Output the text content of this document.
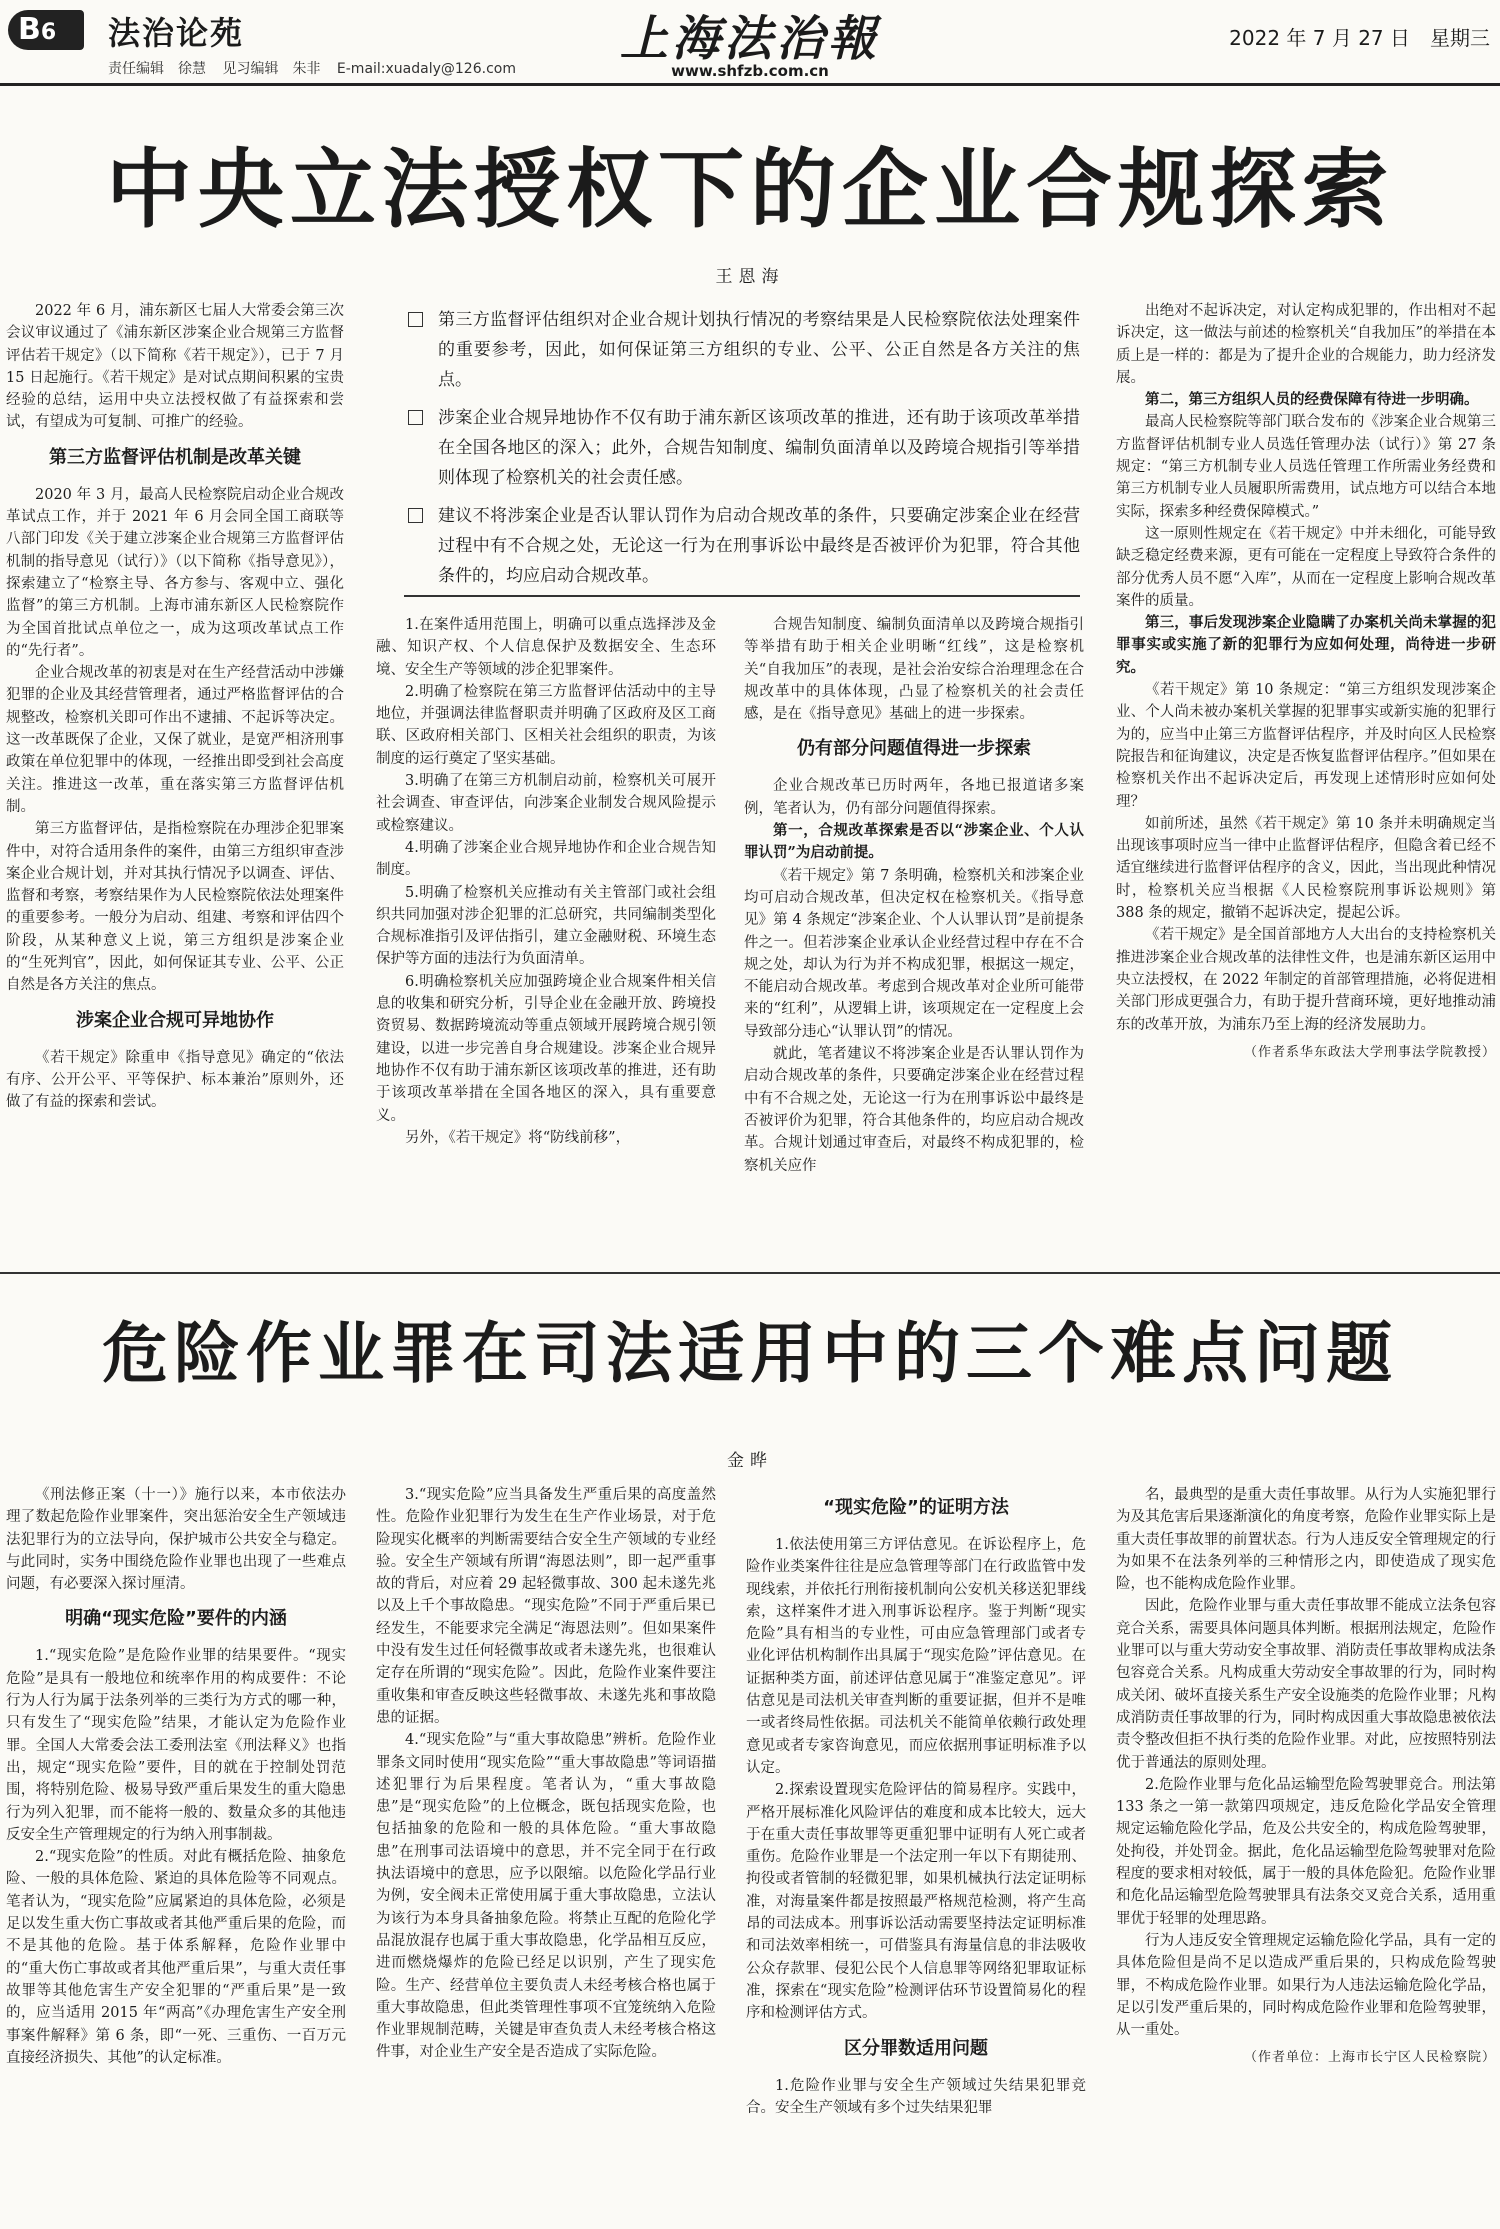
B6	法治论苑
责任编辑　徐慧 见习编辑　朱非 E-mail:xuadaly@126.com
上海法治報
www.shfzb.com.cn
2022 年 7 月 27 日　星期三
中央立法授权下的企业合规探索
王恩海

2022 年 6 月，浦东新区七届人大常委会第三次会议审议通过了《浦东新区涉案企业合规第三方监督评估若干规定》（以下简称《若干规定》），已于 7 月 15 日起施行。《若干规定》是对试点期间积累的宝贵经验的总结，运用中央立法授权做了有益探索和尝试，有望成为可复制、可推广的经验。

第三方监督评估机制是改革关键

2020 年 3 月，最高人民检察院启动企业合规改革试点工作，并于 2021 年 6 月会同全国工商联等八部门印发《关于建立涉案企业合规第三方监督评估机制的指导意见（试行）》（以下简称《指导意见》），探索建立了“检察主导、各方参与、客观中立、强化监督”的第三方机制。上海市浦东新区人民检察院作为全国首批试点单位之一，成为这项改革试点工作的“先行者”。

企业合规改革的初衷是对在生产经营活动中涉嫌犯罪的企业及其经营管理者，通过严格监督评估的合规整改，检察机关即可作出不逮捕、不起诉等决定。这一改革既保了企业，又保了就业，是宽严相济刑事政策在单位犯罪中的体现，一经推出即受到社会高度关注。推进这一改革，重在落实第三方监督评估机制。

第三方监督评估，是指检察院在办理涉企犯罪案件中，对符合适用条件的案件，由第三方组织审查涉案企业合规计划，并对其执行情况予以调查、评估、监督和考察，考察结果作为人民检察院依法处理案件的重要参考。一般分为启动、组建、考察和评估四个阶段，从某种意义上说，第三方组织是涉案企业的“生死判官”，因此，如何保证其专业、公平、公正自然是各方关注的焦点。

涉案企业合规可异地协作

《若干规定》除重申《指导意见》确定的“依法有序、公开公平、平等保护、标本兼治”原则外，还做了有益的探索和尝试。

第三方监督评估组织对企业合规计划执行情况的考察结果是人民检察院依法处理案件的重要参考，因此，如何保证第三方组织的专业、公平、公正自然是各方关注的焦点。
涉案企业合规异地协作不仅有助于浦东新区该项改革的推进，还有助于该项改革举措在全国各地区的深入；此外，合规告知制度、编制负面清单以及跨境合规指引等举措则体现了检察机关的社会责任感。
建议不将涉案企业是否认罪认罚作为启动合规改革的条件，只要确定涉案企业在经营过程中有不合规之处，无论这一行为在刑事诉讼中最终是否被评价为犯罪，符合其他条件的，均应启动合规改革。

1.在案件适用范围上，明确可以重点选择涉及金融、知识产权、个人信息保护及数据安全、生态环境、安全生产等领域的涉企犯罪案件。

2.明确了检察院在第三方监督评估活动中的主导地位，并强调法律监督职责并明确了区政府及区工商联、区政府相关部门、区相关社会组织的职责，为该制度的运行奠定了坚实基础。

3.明确了在第三方机制启动前，检察机关可展开社会调查、审查评估，向涉案企业制发合规风险提示或检察建议。

4.明确了涉案企业合规异地协作和企业合规告知制度。

5.明确了检察机关应推动有关主管部门或社会组织共同加强对涉企犯罪的汇总研究，共同编制类型化合规标准指引及评估指引，建立金融财税、环境生态保护等方面的违法行为负面清单。

6.明确检察机关应加强跨境企业合规案件相关信息的收集和研究分析，引导企业在金融开放、跨境投资贸易、数据跨境流动等重点领域开展跨境合规引领建设，以进一步完善自身合规建设。涉案企业合规异地协作不仅有助于浦东新区该项改革的推进，还有助于该项改革举措在全国各地区的深入，具有重要意义。

另外，《若干规定》将“防线前移”，

合规告知制度、编制负面清单以及跨境合规指引等举措有助于相关企业明晰“红线”，这是检察机关“自我加压”的表现，是社会治安综合治理理念在合规改革中的具体体现，凸显了检察机关的社会责任感，是在《指导意见》基础上的进一步探索。

仍有部分问题值得进一步探索

企业合规改革已历时两年，各地已报道诸多案例，笔者认为，仍有部分问题值得探索。

第一，合规改革探索是否以“涉案企业、个人认罪认罚”为启动前提。

《若干规定》第 7 条明确，检察机关和涉案企业均可启动合规改革，但决定权在检察机关。《指导意见》第 4 条规定“涉案企业、个人认罪认罚”是前提条件之一。但若涉案企业承认企业经营过程中存在不合规之处，却认为行为并不构成犯罪，根据这一规定，不能启动合规改革。考虑到合规改革对企业所可能带来的“红利”，从逻辑上讲，该项规定在一定程度上会导致部分违心“认罪认罚”的情况。

就此，笔者建议不将涉案企业是否认罪认罚作为启动合规改革的条件，只要确定涉案企业在经营过程中有不合规之处，无论这一行为在刑事诉讼中最终是否被评价为犯罪，符合其他条件的，均应启动合规改革。合规计划通过审查后，对最终不构成犯罪的，检察机关应作

出绝对不起诉决定，对认定构成犯罪的，作出相对不起诉决定，这一做法与前述的检察机关“自我加压”的举措在本质上是一样的：都是为了提升企业的合规能力，助力经济发展。

第二，第三方组织人员的经费保障有待进一步明确。

最高人民检察院等部门联合发布的《涉案企业合规第三方监督评估机制专业人员选任管理办法（试行）》第 27 条规定：“第三方机制专业人员选任管理工作所需业务经费和第三方机制专业人员履职所需费用，试点地方可以结合本地实际，探索多种经费保障模式。”

这一原则性规定在《若干规定》中并未细化，可能导致缺乏稳定经费来源，更有可能在一定程度上导致符合条件的部分优秀人员不愿“入库”，从而在一定程度上影响合规改革案件的质量。

第三，事后发现涉案企业隐瞒了办案机关尚未掌握的犯罪事实或实施了新的犯罪行为应如何处理，尚待进一步研究。

《若干规定》第 10 条规定：“第三方组织发现涉案企业、个人尚未被办案机关掌握的犯罪事实或新实施的犯罪行为的，应当中止第三方监督评估程序，并及时向区人民检察院报告和征询建议，决定是否恢复监督评估程序。”但如果在检察机关作出不起诉决定后，再发现上述情形时应如何处理？

如前所述，虽然《若干规定》第 10 条并未明确规定当出现该事项时应当一律中止监督评估程序，但隐含着已经不适宜继续进行监督评估程序的含义，因此，当出现此种情况时，检察机关应当根据《人民检察院刑事诉讼规则》第 388 条的规定，撤销不起诉决定，提起公诉。

《若干规定》是全国首部地方人大出台的支持检察机关推进涉案企业合规改革的法律性文件，也是浦东新区运用中央立法授权，在 2022 年制定的首部管理措施，必将促进相关部门形成更强合力，有助于提升营商环境，更好地推动浦东的改革开放，为浦东乃至上海的经济发展助力。

（作者系华东政法大学刑事法学院教授）

危险作业罪在司法适用中的三个难点问题
金晔

《刑法修正案（十一）》施行以来，本市依法办理了数起危险作业罪案件，突出惩治安全生产领域违法犯罪行为的立法导向，保护城市公共安全与稳定。与此同时，实务中围绕危险作业罪也出现了一些难点问题，有必要深入探讨厘清。

明确“现实危险”要件的内涵

1.“现实危险”是危险作业罪的结果要件。“现实危险”是具有一般地位和统率作用的构成要件：不论行为人行为属于法条列举的三类行为方式的哪一种，只有发生了“现实危险”结果，才能认定为危险作业罪。全国人大常委会法工委刑法室《刑法释义》也指出，规定“现实危险”要件，目的就在于控制处罚范围，将特别危险、极易导致严重后果发生的重大隐患行为列入犯罪，而不能将一般的、数量众多的其他违反安全生产管理规定的行为纳入刑事制裁。

2.“现实危险”的性质。对此有概括危险、抽象危险、一般的具体危险、紧迫的具体危险等不同观点。笔者认为，“现实危险”应属紧迫的具体危险，必须是足以发生重大伤亡事故或者其他严重后果的危险，而不是其他的危险。基于体系解释，危险作业罪中的“重大伤亡事故或者其他严重后果”，与重大责任事故罪等其他危害生产安全犯罪的“严重后果”是一致的，应当适用 2015 年“两高”《办理危害生产安全刑事案件解释》第 6 条，即“一死、三重伤、一百万元直接经济损失、其他”的认定标准。

3.“现实危险”应当具备发生严重后果的高度盖然性。危险作业犯罪行为发生在生产作业场景，对于危险现实化概率的判断需要结合安全生产领域的专业经验。安全生产领域有所谓“海恩法则”，即一起严重事故的背后，对应着 29 起轻微事故、300 起未遂先兆以及上千个事故隐患。“现实危险”不同于严重后果已经发生，不能要求完全满足“海恩法则”。但如果案件中没有发生过任何轻微事故或者未遂先兆，也很难认定存在所谓的“现实危险”。因此，危险作业案件要注重收集和审查反映这些轻微事故、未遂先兆和事故隐患的证据。

4.“现实危险”与“重大事故隐患”辨析。危险作业罪条文同时使用“现实危险”“重大事故隐患”等词语描述犯罪行为后果程度。笔者认为，“重大事故隐患”是“现实危险”的上位概念，既包括现实危险，也包括抽象的危险和一般的具体危险。“重大事故隐患”在刑事司法语境中的意思，并不完全同于在行政执法语境中的意思，应予以限缩。以危险化学品行业为例，安全阀未正常使用属于重大事故隐患，立法认为该行为本身具备抽象危险。将禁止互配的危险化学品混放混存也属于重大事故隐患，化学品相互反应，进而燃烧爆炸的危险已经足以识别，产生了现实危险。生产、经营单位主要负责人未经考核合格也属于重大事故隐患，但此类管理性事项不宜笼统纳入危险作业罪规制范畴，关键是审查负责人未经考核合格这件事，对企业生产安全是否造成了实际危险。

“现实危险”的证明方法

1.依法使用第三方评估意见。在诉讼程序上，危险作业类案件往往是应急管理等部门在行政监管中发现线索，并依托行刑衔接机制向公安机关移送犯罪线索，这样案件才进入刑事诉讼程序。鉴于判断“现实危险”具有相当的专业性，可由应急管理部门或者专业化评估机构制作出具属于“现实危险”评估意见。在证据种类方面，前述评估意见属于“准鉴定意见”。评估意见是司法机关审查判断的重要证据，但并不是唯一或者终局性依据。司法机关不能简单依赖行政处理意见或者专家咨询意见，而应依据刑事证明标准予以认定。

2.探索设置现实危险评估的简易程序。实践中，严格开展标准化风险评估的难度和成本比较大，远大于在重大责任事故罪等更重犯罪中证明有人死亡或者重伤。危险作业罪是一个法定刑一年以下有期徒刑、拘役或者管制的轻微犯罪，如果机械执行法定证明标准，对海量案件都是按照最严格规范检测，将产生高昂的司法成本。刑事诉讼活动需要坚持法定证明标准和司法效率相统一，可借鉴具有海量信息的非法吸收公众存款罪、侵犯公民个人信息罪等网络犯罪取证标准，探索在“现实危险”检测评估环节设置简易化的程序和检测评估方式。

区分罪数适用问题

1.危险作业罪与安全生产领域过失结果犯罪竞合。安全生产领域有多个过失结果犯罪

名，最典型的是重大责任事故罪。从行为人实施犯罪行为及其危害后果逐渐演化的角度考察，危险作业罪实际上是重大责任事故罪的前置状态。行为人违反安全管理规定的行为如果不在法条列举的三种情形之内，即使造成了现实危险，也不能构成危险作业罪。

因此，危险作业罪与重大责任事故罪不能成立法条包容竞合关系，需要具体问题具体判断。根据刑法规定，危险作业罪可以与重大劳动安全事故罪、消防责任事故罪构成法条包容竞合关系。凡构成重大劳动安全事故罪的行为，同时构成关闭、破坏直接关系生产安全设施类的危险作业罪；凡构成消防责任事故罪的行为，同时构成因重大事故隐患被依法责令整改但拒不执行类的危险作业罪。对此，应按照特别法优于普通法的原则处理。

2.危险作业罪与危化品运输型危险驾驶罪竞合。刑法第 133 条之一第一款第四项规定，违反危险化学品安全管理规定运输危险化学品，危及公共安全的，构成危险驾驶罪，处拘役，并处罚金。据此，危化品运输型危险驾驶罪对危险程度的要求相对较低，属于一般的具体危险犯。危险作业罪和危化品运输型危险驾驶罪具有法条交叉竞合关系，适用重罪优于轻罪的处理思路。

行为人违反安全管理规定运输危险化学品，具有一定的具体危险但是尚不足以造成严重后果的，只构成危险驾驶罪，不构成危险作业罪。如果行为人违法运输危险化学品，足以引发严重后果的，同时构成危险作业罪和危险驾驶罪，从一重处。

（作者单位：上海市长宁区人民检察院）
